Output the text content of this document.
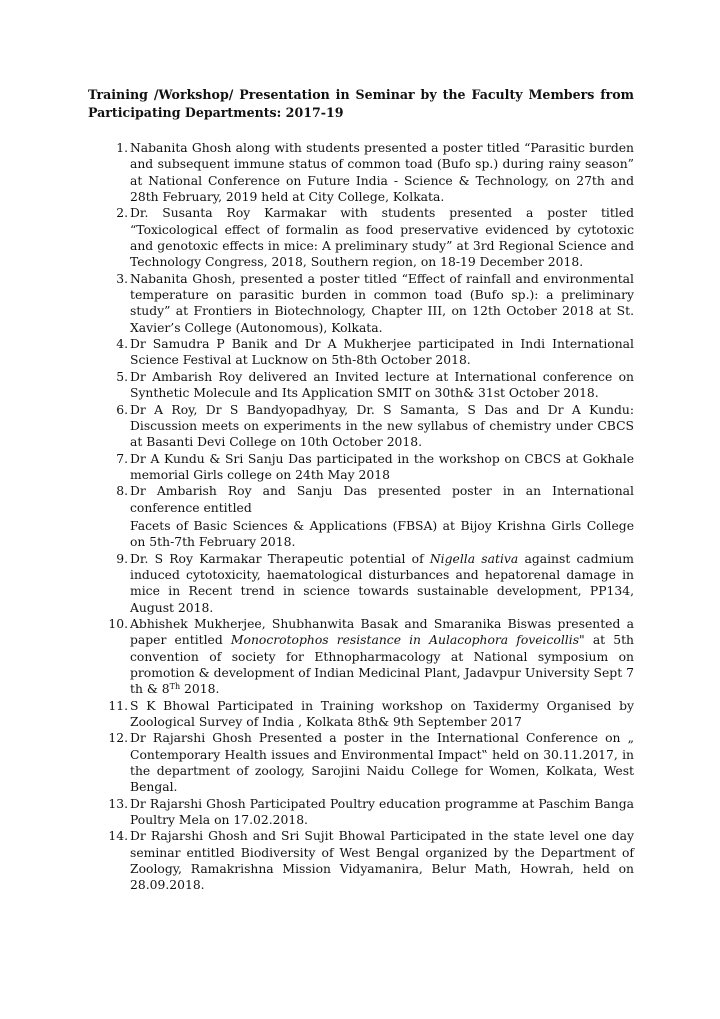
Training /Workshop/ Presentation in Seminar by the Faculty Members from Participating Departments: 2017-19

1. Nabanita Ghosh along with students presented a poster titled “Parasitic burden and subsequent immune status of common toad (Bufo sp.) during rainy season” at National Conference on Future India - Science & Technology, on 27th and 28th February, 2019 held at City College, Kolkata.
2. Dr. Susanta Roy Karmakar with students presented a poster titled “Toxicological effect of formalin as food preservative evidenced by cytotoxic and genotoxic effects in mice: A preliminary study” at 3rd Regional Science and Technology Congress, 2018, Southern region, on 18-19 December 2018.
3. Nabanita Ghosh, presented a poster titled “Effect of rainfall and environmental temperature on parasitic burden in common toad (Bufo sp.): a preliminary study” at Frontiers in Biotechnology, Chapter III, on 12th October 2018 at St. Xavier’s College (Autonomous), Kolkata.
4. Dr Samudra P Banik and Dr A Mukherjee participated in Indi International Science Festival at Lucknow on 5th-8th October 2018.
5. Dr Ambarish Roy delivered an Invited lecture at International conference on Synthetic Molecule and Its Application SMIT on 30th& 31st October 2018.
6. Dr A Roy, Dr S Bandyopadhyay, Dr. S Samanta, S Das and Dr A Kundu: Discussion meets on experiments in the new syllabus of chemistry under CBCS at Basanti Devi College on 10th October 2018.
7. Dr A Kundu & Sri Sanju Das participated in the workshop on CBCS at Gokhale memorial Girls college on 24th May 2018
8. Dr Ambarish Roy and Sanju Das presented poster in an International conference entitled
Facets of Basic Sciences & Applications (FBSA) at Bijoy Krishna Girls College on 5th-7th February 2018.
9. Dr. S Roy Karmakar Therapeutic potential of Nigella sativa against cadmium induced cytotoxicity, haematological disturbances and hepatorenal damage in mice in Recent trend in science towards sustainable development, PP134, August 2018.
10. Abhishek Mukherjee, Shubhanwita Basak and Smaranika Biswas presented a paper entitled Monocrotophos resistance in Aulacophora foveicollis" at 5th convention of society for Ethnopharmacology at National symposium on promotion & development of Indian Medicinal Plant, Jadavpur University Sept 7 th & 8Th 2018.
11. S K Bhowal Participated in Training workshop on Taxidermy Organised by Zoological Survey of India , Kolkata 8th& 9th September 2017
12. Dr Rajarshi Ghosh Presented a poster in the International Conference on „ Contemporary Health issues and Environmental Impact‟ held on 30.11.2017, in the department of zoology, Sarojini Naidu College for Women, Kolkata, West Bengal.
13. Dr Rajarshi Ghosh Participated Poultry education programme at Paschim Banga Poultry Mela on 17.02.2018.
14. Dr Rajarshi Ghosh and Sri Sujit Bhowal Participated in the state level one day seminar entitled Biodiversity of West Bengal organized by the Department of Zoology, Ramakrishna Mission Vidyamanira, Belur Math, Howrah, held on 28.09.2018.
